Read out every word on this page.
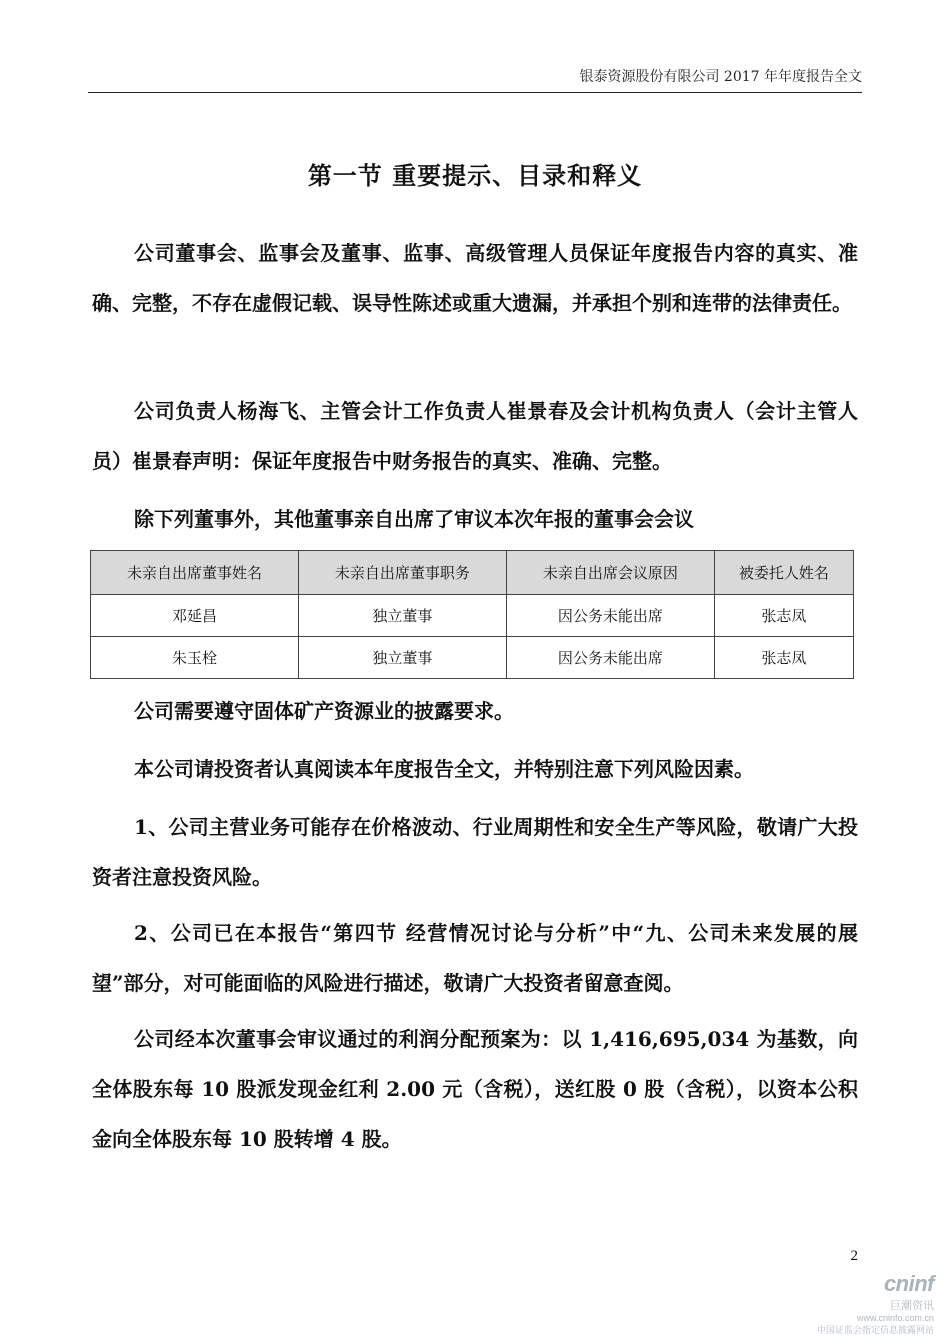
银泰资源股份有限公司 2017 年年度报告全文
第一节 重要提示、目录和释义
公司董事会、监事会及董事、监事、高级管理人员保证年度报告内容的真实、准确、完整，不存在虚假记载、误导性陈述或重大遗漏，并承担个别和连带的法律责任。
公司负责人杨海飞、主管会计工作负责人崔景春及会计机构负责人（会计主管人员）崔景春声明：保证年度报告中财务报告的真实、准确、完整。
除下列董事外，其他董事亲自出席了审议本次年报的董事会会议
未亲自出席董事姓名	未亲自出席董事职务	未亲自出席会议原因	被委托人姓名
邓延昌	独立董事	因公务未能出席	张志凤
朱玉栓	独立董事	因公务未能出席	张志凤
公司需要遵守固体矿产资源业的披露要求。
本公司请投资者认真阅读本年度报告全文，并特别注意下列风险因素。
1、公司主营业务可能存在价格波动、行业周期性和安全生产等风险，敬请广大投资者注意投资风险。
2、公司已在本报告“第四节 经营情况讨论与分析”中“九、公司未来发展的展望”部分，对可能面临的风险进行描述，敬请广大投资者留意查阅。
公司经本次董事会审议通过的利润分配预案为：以 1,416,695,034 为基数，向全体股东每 10 股派发现金红利 2.00 元（含税），送红股 0 股（含税），以资本公积金向全体股东每 10 股转增 4 股。
2
cninf
巨潮资讯
www.cninfo.com.cn
中国证监会指定信息披露网站
